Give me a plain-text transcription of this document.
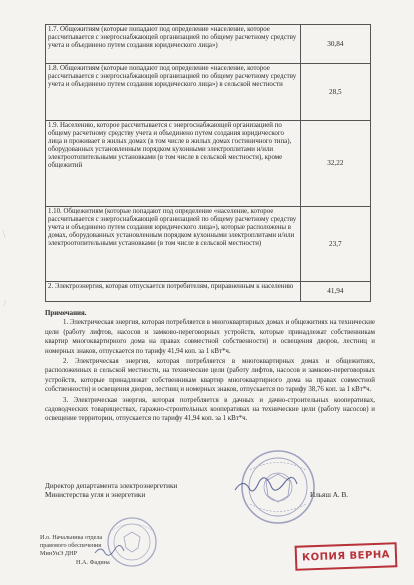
1.7. Общежитиям (которые попадают под определение «население, которое рассчитывается с энергоснабжающей организацией по общему расчетному средству учета и объединено путем создания юридического лица»)	30,84
1.8. Общежитиям (которые попадают под определение «население, которое рассчитывается с энергоснабжающей организацией по общему расчетному средству учета и объединено путем создания юридического лица») в сельской местности	28,5
1.9. Населению, которое рассчитывается с энергоснабжающей организацией по общему расчетному средству учета и объединено путем создания юридического лица и проживает в жилых домах (в том числе в жилых домах гостиничного типа), оборудованных установленным порядком кухонными электроплитами и/или электроотопительными установками (в том числе в сельской местности), кроме общежитий	32,22
1.10. Общежитиям (которые попадают под определение «население, которое рассчитывается с энергоснабжающей организацией по общему расчетному средству учета и объединено путем создания юридического лица»), которые расположены в домах, оборудованных установленным порядком кухонными электроплитами и/или электроотопительными установками (в том числе в сельской местности)	23,7
2. Электроэнергия, которая отпускается потребителям, приравненным к населению	41,94
Примечания.

1. Электрическая энергия, которая потребляется в многоквартирных домах и общежитиях на технические цели (работу лифтов, насосов и замково-переговорных устройств, которые принадлежат собственникам квартир многоквартирного дома на правах совместной собственности) и освещения дворов, лестниц и номерных знаков, отпускается по тарифу 41,94 коп. за 1 кВт*ч.

2. Электрическая энергия, которая потребляется в многоквартирных домах и общежитиях, расположенных в сельской местности, на технические цели (работу лифтов, насосов и замково-переговорных устройств, которые принадлежат собственникам квартир многоквартирного дома на правах совместной собственности) и освещения дворов, лестниц и номерных знаков, отпускается по тарифу 38,76 коп. за 1 кВт*ч.

3. Электрическая энергия, которая потребляется в дачных и дачно-строительных кооперативах, садоводческих товариществах, гаражно-строительных кооперативах на технические цели (работу насосов) и освещение территории, отпускается по тарифу 41,94 коп. за 1 кВт*ч.

Директор департамента электроэнергетики
Министерства угля и энергетики	Ильяш А. В.
И.о. Начальника отдела
правового обеспечения
МинУиЭ ДНР
Н.А. Фадина	КОПИЯ ВЕРНА
